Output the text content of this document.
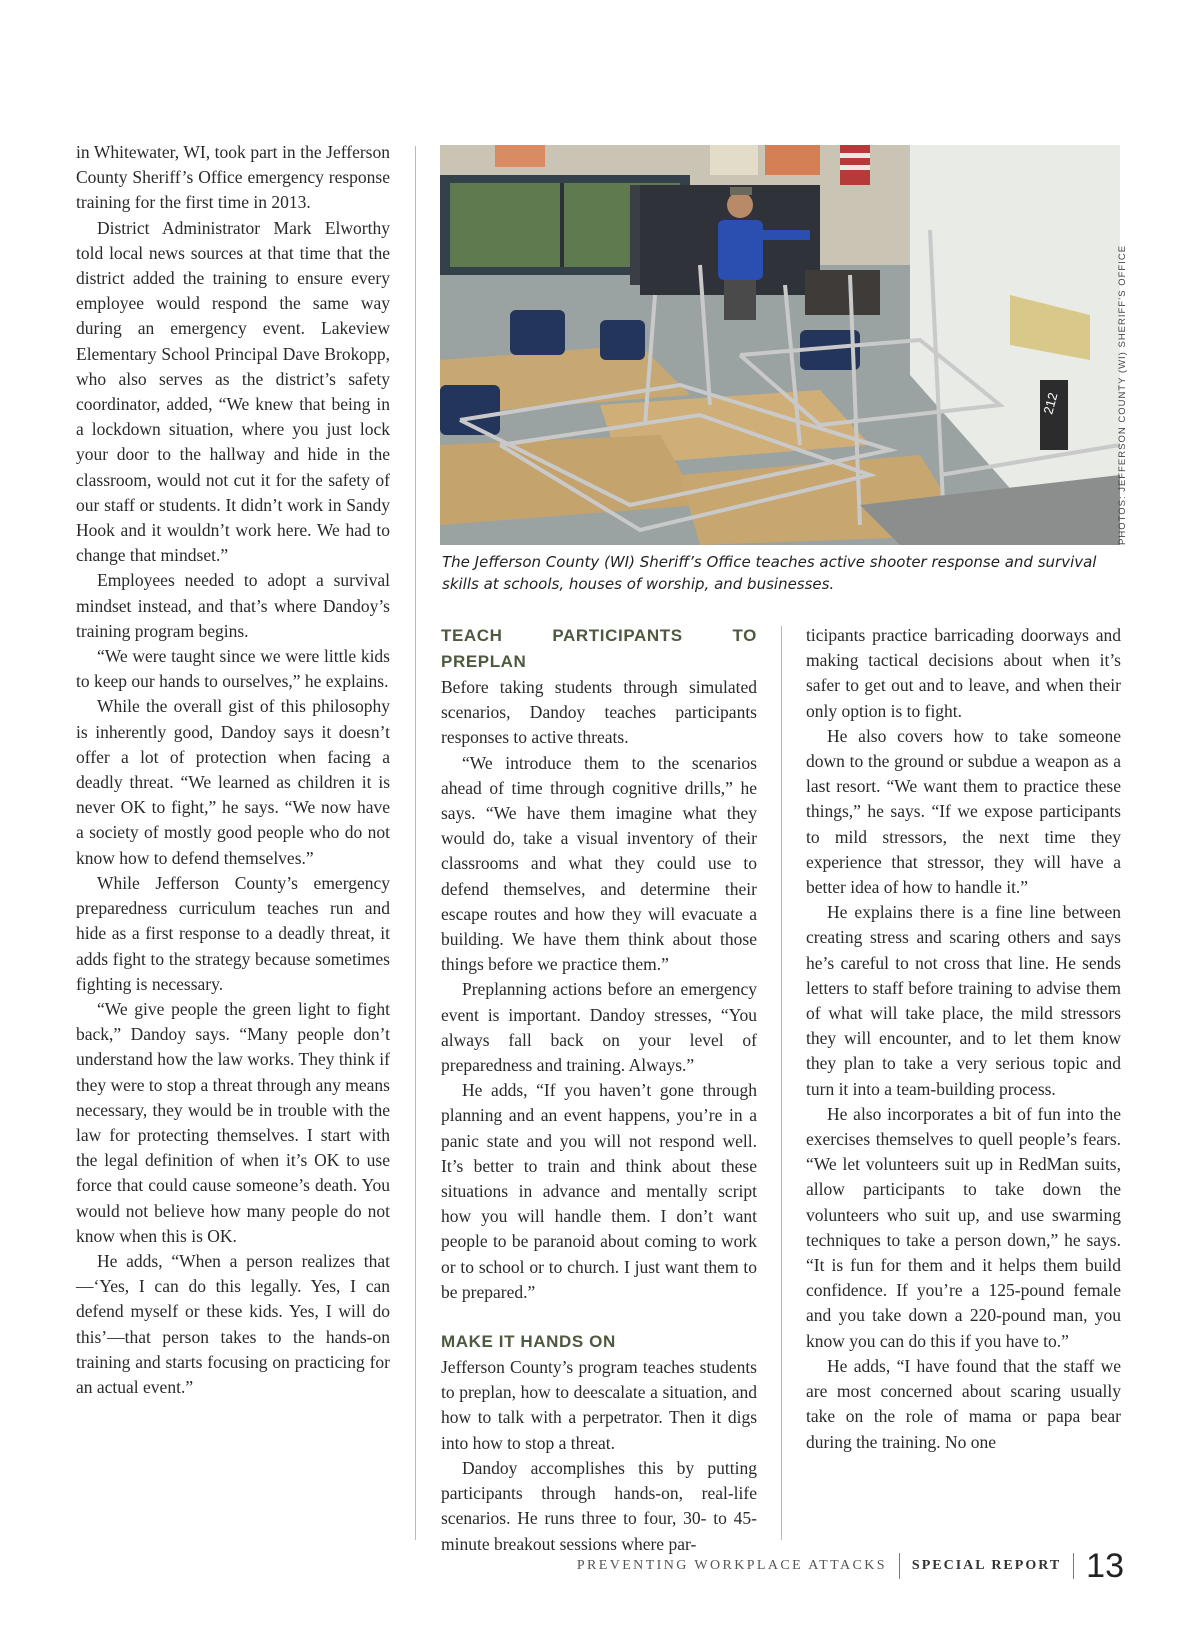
in Whitewater, WI, took part in the Jefferson County Sheriff’s Office emergency response training for the first time in 2013.

District Administrator Mark Elworthy told local news sources at that time that the district added the training to ensure every employee would respond the same way during an emergency event. Lakeview Elementary School Principal Dave Brokopp, who also serves as the district’s safety coordinator, added, “We knew that being in a lockdown situation, where you just lock your door to the hallway and hide in the classroom, would not cut it for the safety of our staff or students. It didn’t work in Sandy Hook and it wouldn’t work here. We had to change that mindset.”

Employees needed to adopt a survival mindset instead, and that’s where Dandoy’s training program begins.

“We were taught since we were little kids to keep our hands to ourselves,” he explains.

While the overall gist of this philosophy is inherently good, Dandoy says it doesn’t offer a lot of protection when facing a deadly threat. “We learned as children it is never OK to fight,” he says. “We now have a society of mostly good people who do not know how to defend themselves.”

While Jefferson County’s emergency preparedness curriculum teaches run and hide as a first response to a deadly threat, it adds fight to the strategy because sometimes fighting is necessary.

“We give people the green light to fight back,” Dandoy says. “Many people don’t understand how the law works. They think if they were to stop a threat through any means necessary, they would be in trouble with the law for protecting themselves. I start with the legal definition of when it’s OK to use force that could cause someone’s death. You would not believe how many people do not know when this is OK.

He adds, “When a person realizes that—‘Yes, I can do this legally. Yes, I can defend myself or these kids. Yes, I will do this’—that person takes to the hands-on training and starts focusing on practicing for an actual event.”

212	PHOTOS: JEFFERSON COUNTY (WI) SHERIFF’S OFFICE
The Jefferson County (WI) Sheriff’s Office teaches active shooter response and survival skills at schools, houses of worship, and businesses.

TEACH PARTICIPANTS TO PREPLAN

Before taking students through simulated scenarios, Dandoy teaches participants responses to active threats.

“We introduce them to the scenarios ahead of time through cognitive drills,” he says. “We have them imagine what they would do, take a visual inventory of their classrooms and what they could use to defend themselves, and determine their escape routes and how they will evacuate a building. We have them think about those things before we practice them.”

Preplanning actions before an emergency event is important. Dandoy stresses, “You always fall back on your level of preparedness and training. Always.”

He adds, “If you haven’t gone through planning and an event happens, you’re in a panic state and you will not respond well. It’s better to train and think about these situations in advance and mentally script how you will handle them. I don’t want people to be paranoid about coming to work or to school or to church. I just want them to be prepared.”

MAKE IT HANDS ON

Jefferson County’s program teaches students to preplan, how to deescalate a situation, and how to talk with a perpetrator. Then it digs into how to stop a threat.

Dandoy accomplishes this by putting participants through hands-on, real-life scenarios. He runs three to four, 30- to 45-minute breakout sessions where par-

ticipants practice barricading doorways and making tactical decisions about when it’s safer to get out and to leave, and when their only option is to fight.

He also covers how to take someone down to the ground or subdue a weapon as a last resort. “We want them to practice these things,” he says. “If we expose participants to mild stressors, the next time they experience that stressor, they will have a better idea of how to handle it.”

He explains there is a fine line between creating stress and scaring others and says he’s careful to not cross that line. He sends letters to staff before training to advise them of what will take place, the mild stressors they will encounter, and to let them know they plan to take a very serious topic and turn it into a team-building process.

He also incorporates a bit of fun into the exercises themselves to quell people’s fears. “We let volunteers suit up in RedMan suits, allow participants to take down the volunteers who suit up, and use swarming techniques to take a person down,” he says. “It is fun for them and it helps them build confidence. If you’re a 125-pound female and you take down a 220-pound man, you know you can do this if you have to.”

He adds, “I have found that the staff we are most concerned about scaring usually take on the role of mama or papa bear during the training. No one

PREVENTING WORKPLACE ATTACKS SPECIAL REPORT 13
